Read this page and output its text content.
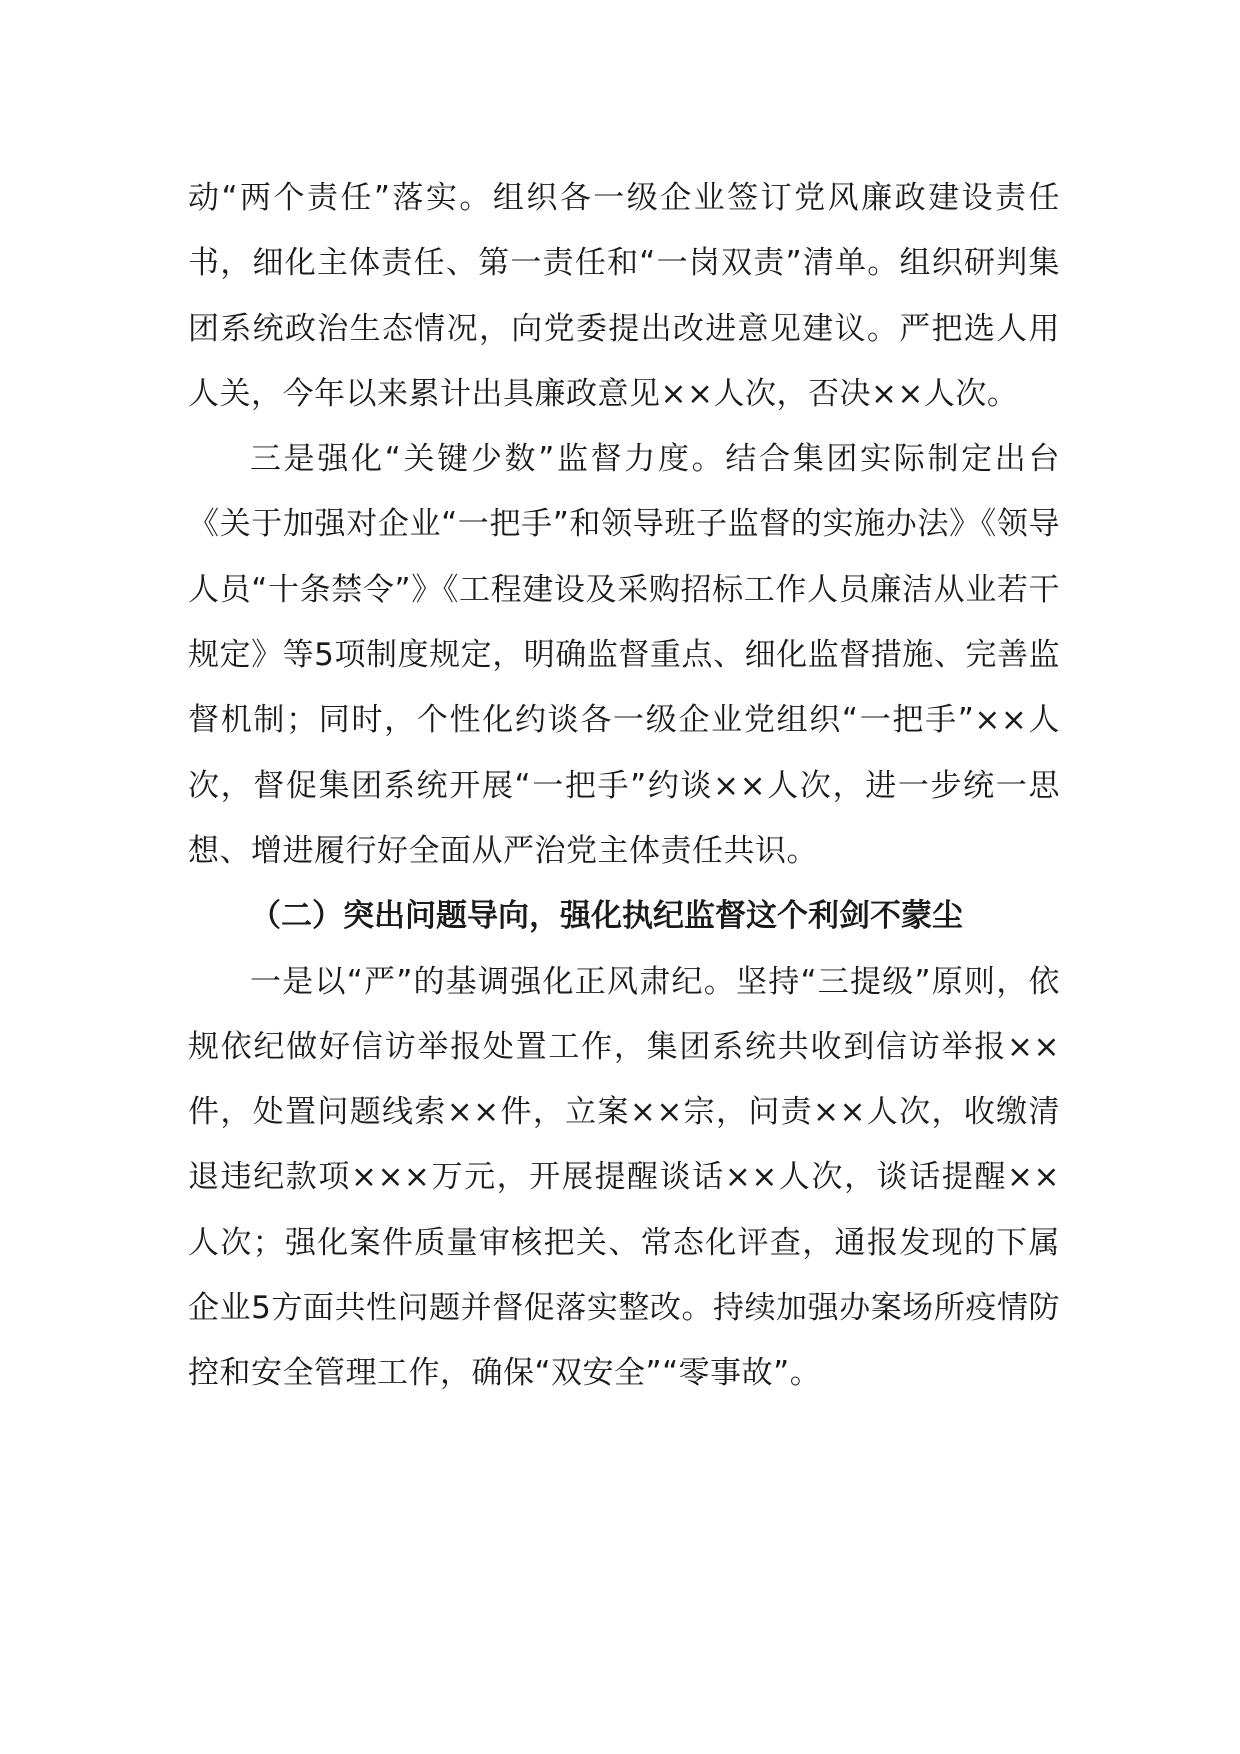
动“两个责任”落实。组织各一级企业签订党风廉政建设责任书，细化主体责任、第一责任和“一岗双责”清单。组织研判集团系统政治生态情况，向党委提出改进意见建议。严把选人用人关，今年以来累计出具廉政意见××人次，否决××人次。

三是强化“关键少数”监督力度。结合集团实际制定出台《关于加强对企业“一把手”和领导班子监督的实施办法》《领导人员“十条禁令”》《工程建设及采购招标工作人员廉洁从业若干规定》等5项制度规定，明确监督重点、细化监督措施、完善监督机制；同时，个性化约谈各一级企业党组织“一把手”××人次，督促集团系统开展“一把手”约谈××人次，进一步统一思想、增进履行好全面从严治党主体责任共识。

（二）突出问题导向，强化执纪监督这个利剑不蒙尘

一是以“严”的基调强化正风肃纪。坚持“三提级”原则，依规依纪做好信访举报处置工作，集团系统共收到信访举报××件，处置问题线索××件，立案××宗，问责××人次，收缴清退违纪款项×××万元，开展提醒谈话××人次，谈话提醒××人次；强化案件质量审核把关、常态化评查，通报发现的下属企业5方面共性问题并督促落实整改。持续加强办案场所疫情防控和安全管理工作，确保“双安全”“零事故”。
